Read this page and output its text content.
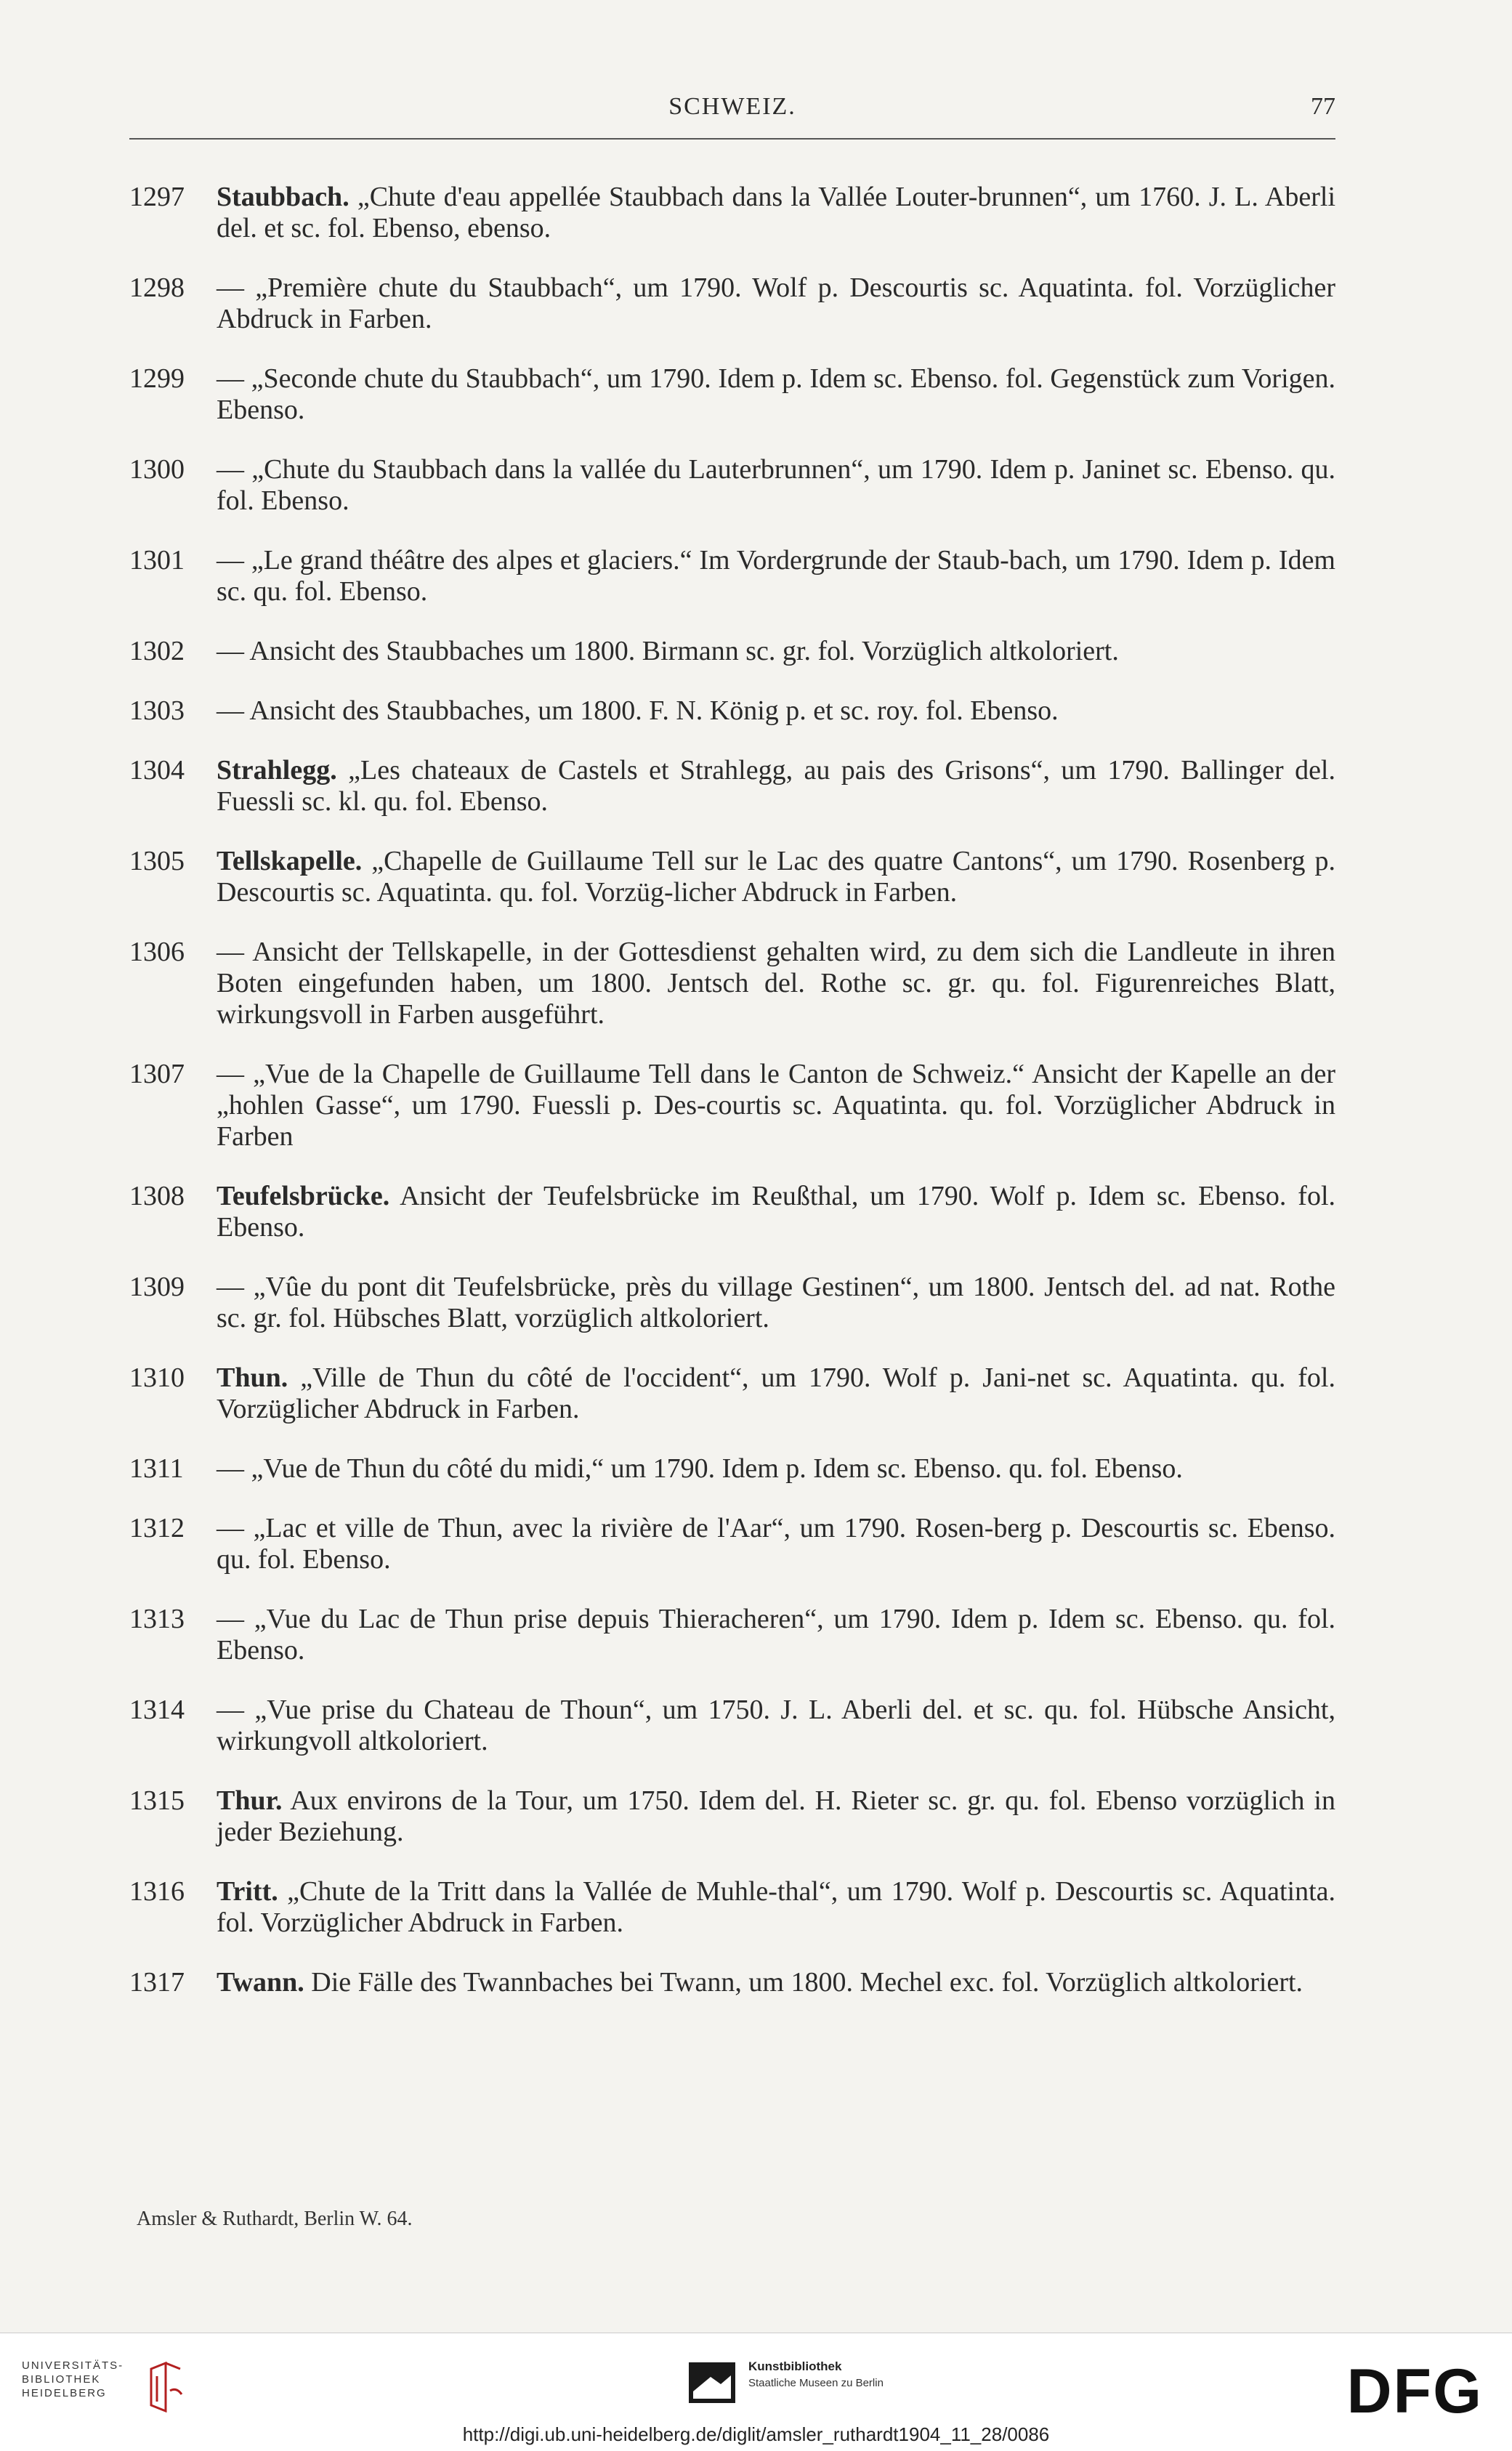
SCHWEIZ.	77
1297	Staubbach. „Chute d'eau appellée Staubbach dans la Vallée Louter-brunnen“, um 1760. J. L. Aberli del. et sc. fol. Ebenso, ebenso.
1298	— „Première chute du Staubbach“, um 1790. Wolf p. Descourtis sc. Aquatinta. fol. Vorzüglicher Abdruck in Farben.
1299	— „Seconde chute du Staubbach“, um 1790. Idem p. Idem sc. Ebenso. fol. Gegenstück zum Vorigen. Ebenso.
1300	— „Chute du Staubbach dans la vallée du Lauterbrunnen“, um 1790. Idem p. Janinet sc. Ebenso. qu. fol. Ebenso.
1301	— „Le grand théâtre des alpes et glaciers.“ Im Vordergrunde der Staub-bach, um 1790. Idem p. Idem sc. qu. fol. Ebenso.
1302	— Ansicht des Staubbaches um 1800. Birmann sc. gr. fol. Vorzüglich altkoloriert.
1303	— Ansicht des Staubbaches, um 1800. F. N. König p. et sc. roy. fol. Ebenso.
1304	Strahlegg. „Les chateaux de Castels et Strahlegg, au pais des Grisons“, um 1790. Ballinger del. Fuessli sc. kl. qu. fol. Ebenso.
1305	Tellskapelle. „Chapelle de Guillaume Tell sur le Lac des quatre Cantons“, um 1790. Rosenberg p. Descourtis sc. Aquatinta. qu. fol. Vorzüg-licher Abdruck in Farben.
1306	— Ansicht der Tellskapelle, in der Gottesdienst gehalten wird, zu dem sich die Landleute in ihren Boten eingefunden haben, um 1800. Jentsch del. Rothe sc. gr. qu. fol. Figurenreiches Blatt, wirkungsvoll in Farben ausgeführt.
1307	— „Vue de la Chapelle de Guillaume Tell dans le Canton de Schweiz.“ Ansicht der Kapelle an der „hohlen Gasse“, um 1790. Fuessli p. Des-courtis sc. Aquatinta. qu. fol. Vorzüglicher Abdruck in Farben
1308	Teufelsbrücke. Ansicht der Teufelsbrücke im Reußthal, um 1790. Wolf p. Idem sc. Ebenso. fol. Ebenso.
1309	— „Vûe du pont dit Teufelsbrücke, près du village Gestinen“, um 1800. Jentsch del. ad nat. Rothe sc. gr. fol. Hübsches Blatt, vorzüglich altkoloriert.
1310	Thun. „Ville de Thun du côté de l'occident“, um 1790. Wolf p. Jani-net sc. Aquatinta. qu. fol. Vorzüglicher Abdruck in Farben.
1311	— „Vue de Thun du côté du midi,“ um 1790. Idem p. Idem sc. Ebenso. qu. fol. Ebenso.
1312	— „Lac et ville de Thun, avec la rivière de l'Aar“, um 1790. Rosen-berg p. Descourtis sc. Ebenso. qu. fol. Ebenso.
1313	— „Vue du Lac de Thun prise depuis Thieracheren“, um 1790. Idem p. Idem sc. Ebenso. qu. fol. Ebenso.
1314	— „Vue prise du Chateau de Thoun“, um 1750. J. L. Aberli del. et sc. qu. fol. Hübsche Ansicht, wirkungvoll altkoloriert.
1315	Thur. Aux environs de la Tour, um 1750. Idem del. H. Rieter sc. gr. qu. fol. Ebenso vorzüglich in jeder Beziehung.
1316	Tritt. „Chute de la Tritt dans la Vallée de Muhle-thal“, um 1790. Wolf p. Descourtis sc. Aquatinta. fol. Vorzüglicher Abdruck in Farben.
1317	Twann. Die Fälle des Twannbaches bei Twann, um 1800. Mechel exc. fol. Vorzüglich altkoloriert.
Amsler & Ruthardt, Berlin W. 64.
UNIVERSITÄTS-
BIBLIOTHEK
HEIDELBERG
Kunstbibliothek
Staatliche Museen zu Berlin	DFG
http://digi.ub.uni-heidelberg.de/diglit/amsler_ruthardt1904_11_28/0086
